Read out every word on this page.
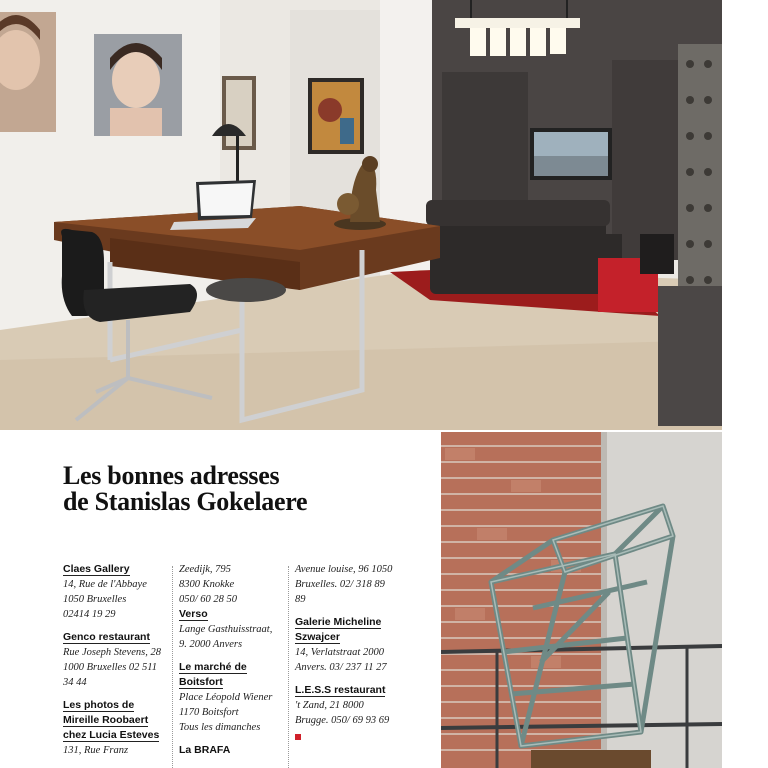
Les bonnes adresses
de Stanislas Gokelaere
Claes Gallery
14, Rue de l'Abbaye
1050 Bruxelles
02414 19 29
Genco restaurant
Rue Joseph Stevens, 28
1000 Bruxelles 02 511
34 44
Les photos de
Mireille Roobaert
chez Lucia Esteves
131, Rue Franz
Zeedijk, 795
8300 Knokke
050/ 60 28 50
Verso
Lange Gasthuisstraat,
9. 2000 Anvers
Le marché de
Boitsfort
Place Léopold Wiener
1170 Boitsfort
Tous les dimanches
La BRAFA
Avenue louise, 96 1050
Bruxelles. 02/ 318 89
89
Galerie Micheline
Szwajcer
14, Verlatstraat 2000
Anvers. 03/ 237 11 27
L.E.S.S restaurant
't Zand, 21 8000
Brugge. 050/ 69 93 69
